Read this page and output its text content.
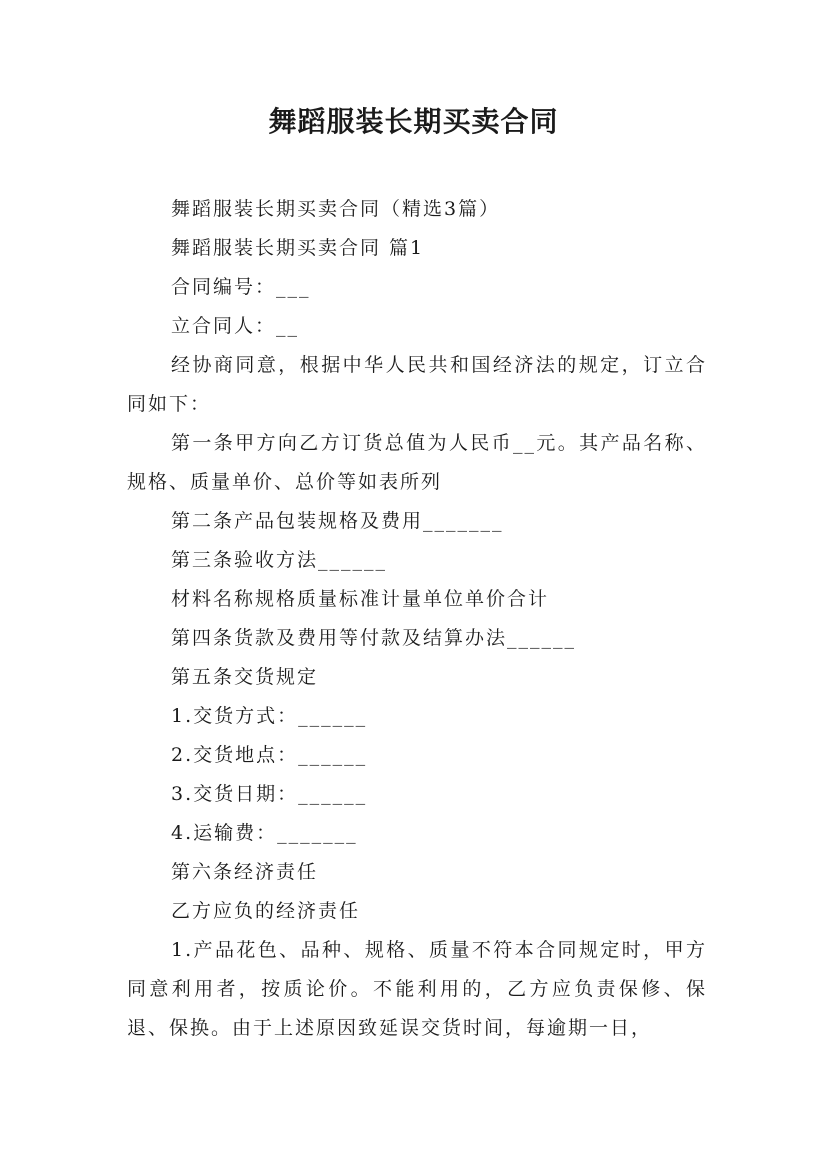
舞蹈服装长期买卖合同

舞蹈服装长期买卖合同（精选3篇）

舞蹈服装长期买卖合同 篇1

合同编号：___

立合同人：__

经协商同意，根据中华人民共和国经济法的规定，订立合同如下：

第一条甲方向乙方订货总值为人民币__元。其产品名称、规格、质量单价、总价等如表所列

第二条产品包装规格及费用_______

第三条验收方法______

材料名称规格质量标准计量单位单价合计

第四条货款及费用等付款及结算办法______

第五条交货规定

1.交货方式：______

2.交货地点：______

3.交货日期：______

4.运输费：_______

第六条经济责任

乙方应负的经济责任

1.产品花色、品种、规格、质量不符本合同规定时，甲方同意利用者，按质论价。不能利用的，乙方应负责保修、保退、保换。由于上述原因致延误交货时间，每逾期一日，
